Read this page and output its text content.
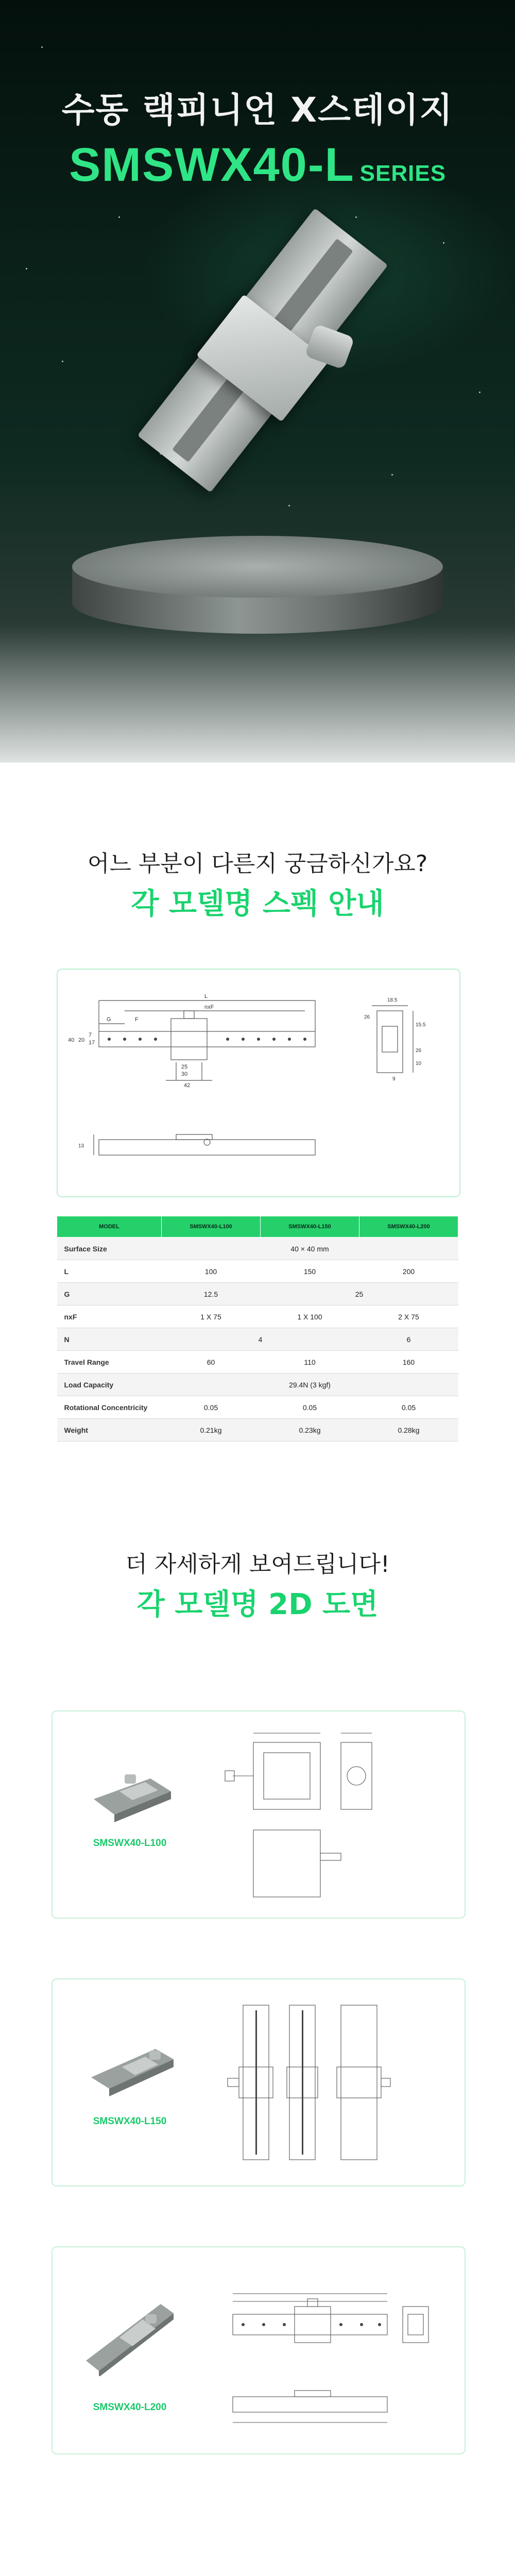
수동 랙피니언 X스테이지
SMSWX40-L SERIES
어느 부분이 다른지 궁금하신가요?
각 모델명 스펙 안내
L
nxF
G	F
25
30
42
7
17
20
40
18.5
26
15.5
26
10
9
13
MODEL	SMSWX40-L100	SMSWX40-L150	SMSWX40-L200
Surface Size	40 × 40 mm		
L	100	150	200
G	12.5	25	
nxF	1 X 75	1 X 100	2 X 75
N	4		6
Travel Range	60	110	160
Load Capacity	29.4N (3 kgf)		
Rotational Concentricity	0.05	0.05	0.05
Weight	0.21kg	0.23kg	0.28kg
더 자세하게 보여드립니다!
각 모델명 2D 도면
SMSWX40-L100
SMSWX40-L150
SMSWX40-L200
